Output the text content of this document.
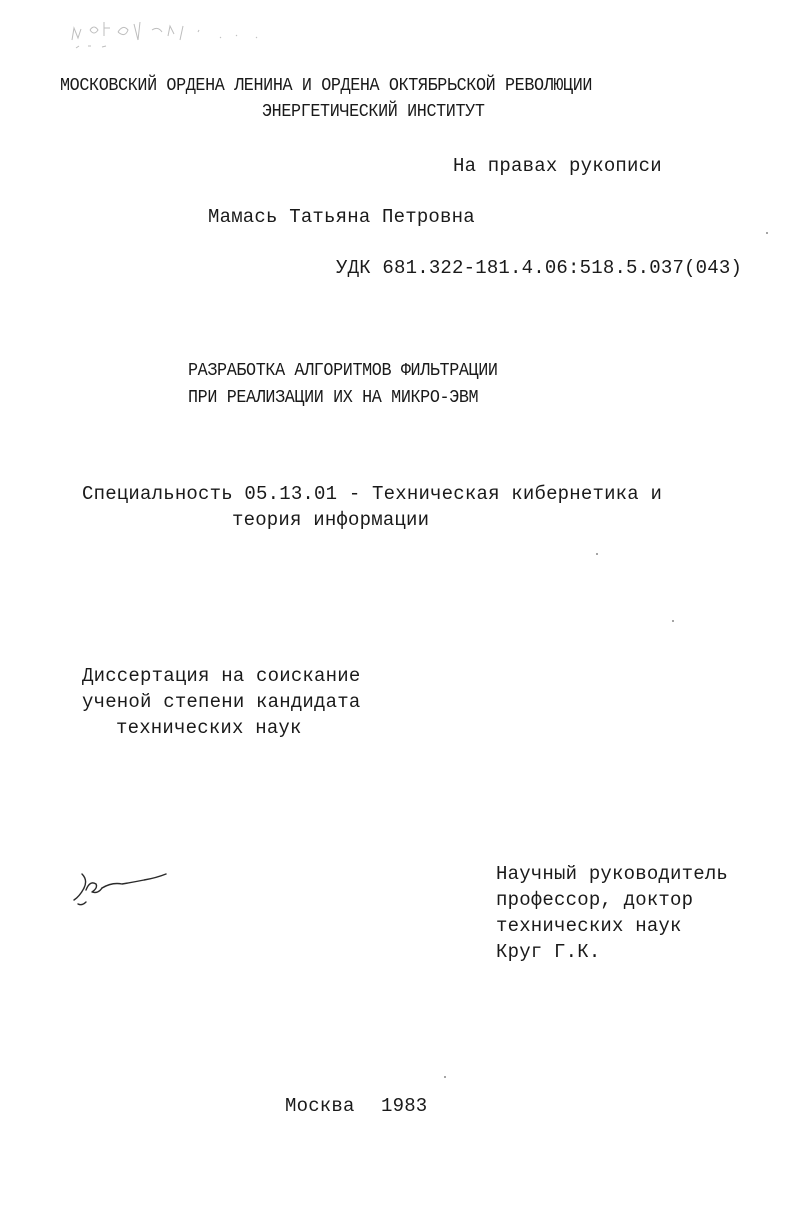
МОСКОВСКИЙ ОРДЕНА ЛЕНИНА И ОРДЕНА ОКТЯБРЬСКОЙ РЕВОЛЮЦИИ
ЭНЕРГЕТИЧЕСКИЙ ИНСТИТУТ
На правах рукописи
Мамась Татьяна Петровна
УДК 681.322-181.4.06:518.5.037(043)
РАЗРАБОТКА АЛГОРИТМОВ ФИЛЬТРАЦИИ
ПРИ РЕАЛИЗАЦИИ ИХ НА МИКРО-ЭВМ
Специальность 05.13.01 - Техническая кибернетика и
теория информации
Диссертация на соискание
ученой степени кандидата
технических наук
Научный руководитель
профессор, доктор
технических наук
Круг Г.К.
Москва 1983
